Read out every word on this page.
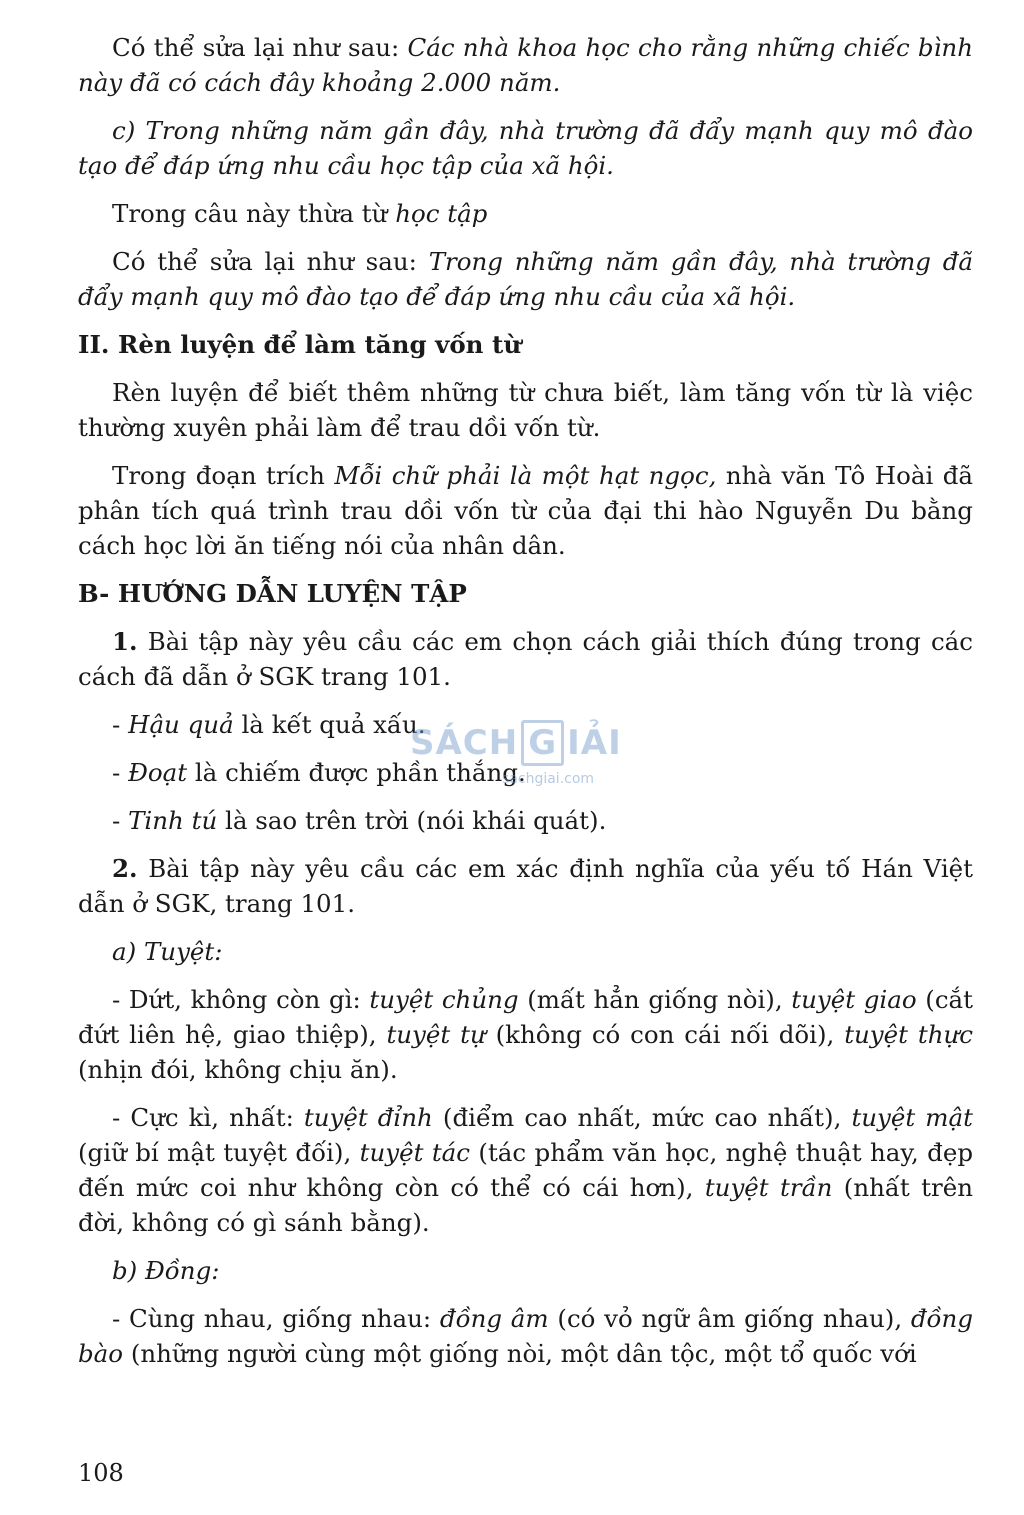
Có thể sửa lại như sau: Các nhà khoa học cho rằng những chiếc bình này đã có cách đây khoảng 2.000 năm.

c) Trong những năm gần đây, nhà trường đã đẩy mạnh quy mô đào tạo để đáp ứng nhu cầu học tập của xã hội.

Trong câu này thừa từ học tập

Có thể sửa lại như sau: Trong những năm gần đây, nhà trường đã đẩy mạnh quy mô đào tạo để đáp ứng nhu cầu của xã hội.

II. Rèn luyện để làm tăng vốn từ

Rèn luyện để biết thêm những từ chưa biết, làm tăng vốn từ là việc thường xuyên phải làm để trau dồi vốn từ.

Trong đoạn trích Mỗi chữ phải là một hạt ngọc, nhà văn Tô Hoài đã phân tích quá trình trau dồi vốn từ của đại thi hào Nguyễn Du bằng cách học lời ăn tiếng nói của nhân dân.

B- HƯỚNG DẪN LUYỆN TẬP

1. Bài tập này yêu cầu các em chọn cách giải thích đúng trong các cách đã dẫn ở SGK trang 101.

- Hậu quả là kết quả xấu.

- Đoạt là chiếm được phần thắng.

- Tinh tú là sao trên trời (nói khái quát).

2. Bài tập này yêu cầu các em xác định nghĩa của yếu tố Hán Việt dẫn ở SGK, trang 101.

a) Tuyệt:

- Dứt, không còn gì: tuyệt chủng (mất hẳn giống nòi), tuyệt giao (cắt đứt liên hệ, giao thiệp), tuyệt tự (không có con cái nối dõi), tuyệt thực (nhịn đói, không chịu ăn).

- Cực kì, nhất: tuyệt đỉnh (điểm cao nhất, mức cao nhất), tuyệt mật (giữ bí mật tuyệt đối), tuyệt tác (tác phẩm văn học, nghệ thuật hay, đẹp đến mức coi như không còn có thể có cái hơn), tuyệt trần (nhất trên đời, không có gì sánh bằng).

b) Đồng:

- Cùng nhau, giống nhau: đồng âm (có vỏ ngữ âm giống nhau), đồng bào (những người cùng một giống nòi, một dân tộc, một tổ quốc với

108
SÁCH G IẢI
sachgiai.com
